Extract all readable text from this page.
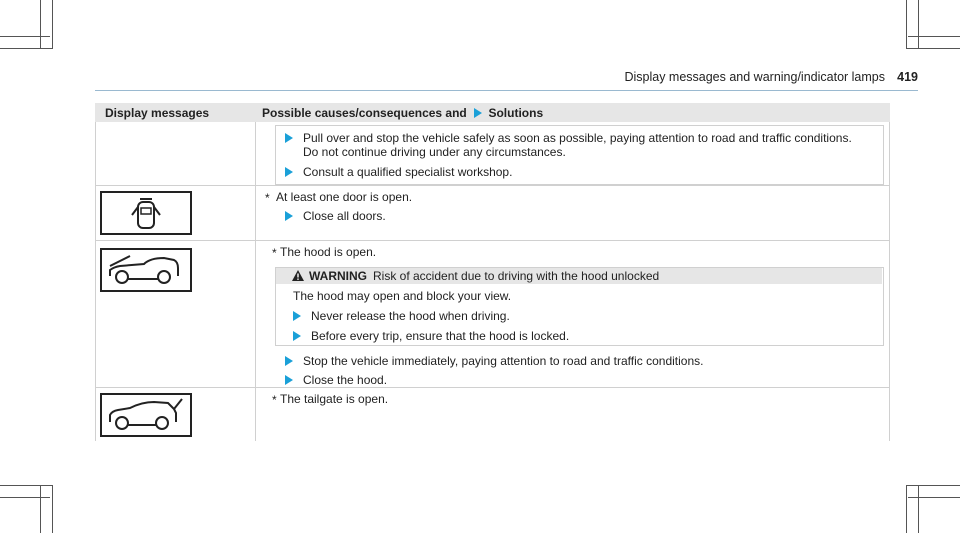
Display messages and warning/indicator lamps 419
Display messages	Possible causes/consequences and Solutions
Pull over and stop the vehicle safely as soon as possible, paying attention to road and traffic conditions.
Do not continue driving under any circumstances.
Consult a qualified specialist workshop.
* At least one door is open.
Close all doors.
* The hood is open.
WARNING Risk of accident due to driving with the hood unlocked
The hood may open and block your view.
Never release the hood when driving.
Before every trip, ensure that the hood is locked.
Stop the vehicle immediately, paying attention to road and traffic conditions.
Close the hood.
* The tailgate is open.
